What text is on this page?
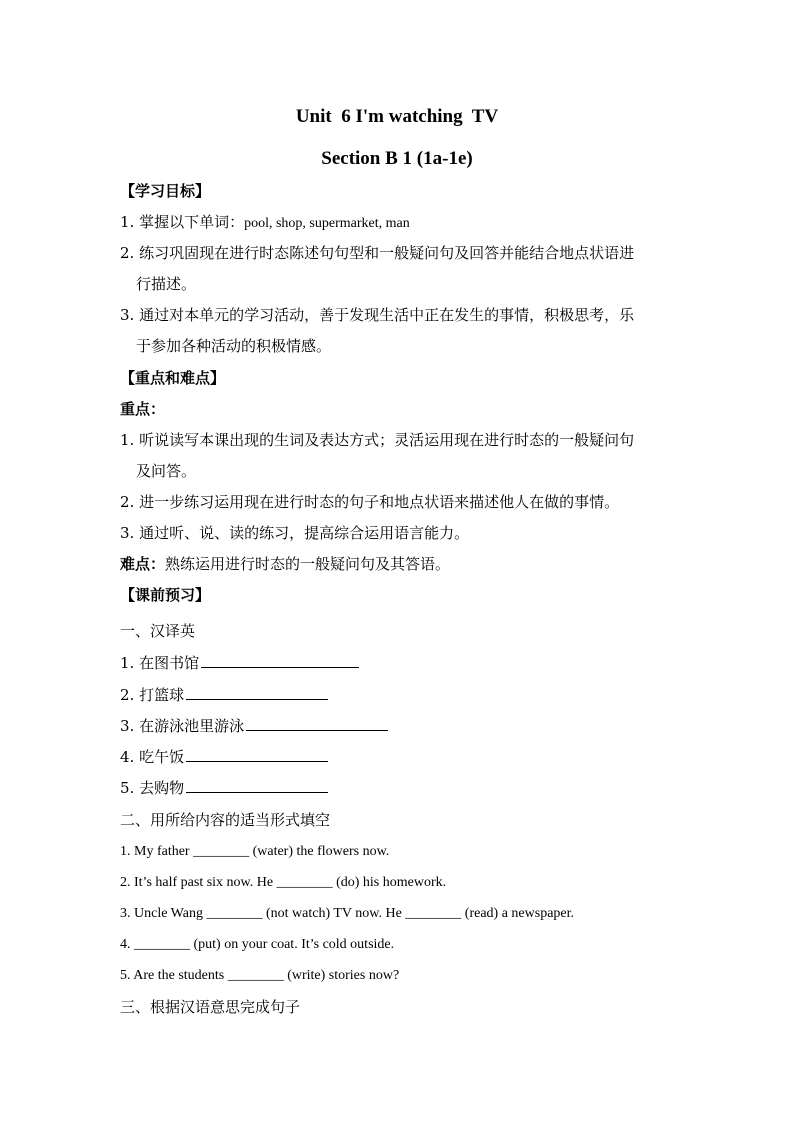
Unit  6 I'm watching  TV
Section B 1 (1a-1e)
【学习目标】
1. 掌握以下单词：pool, shop, supermarket, man
2. 练习巩固现在进行时态陈述句句型和一般疑问句及回答并能结合地点状语进
行描述。
3. 通过对本单元的学习活动，善于发现生活中正在发生的事情，积极思考，乐
于参加各种活动的积极情感。
【重点和难点】
重点：
1. 听说读写本课出现的生词及表达方式；灵活运用现在进行时态的一般疑问句
及问答。
2. 进一步练习运用现在进行时态的句子和地点状语来描述他人在做的事情。
3. 通过听、说、读的练习，提高综合运用语言能力。
难点：熟练运用进行时态的一般疑问句及其答语。
【课前预习】
一、汉译英
1. 在图书馆
2. 打篮球
3. 在游泳池里游泳
4. 吃午饭
5. 去购物
二、用所给内容的适当形式填空
1. My father ________ (water) the flowers now.
2. It’s half past six now. He ________ (do) his homework.
3. Uncle Wang ________ (not watch) TV now. He ________ (read) a newspaper.
4. ________ (put) on your coat. It’s cold outside.
5. Are the students ________ (write) stories now?
三、根据汉语意思完成句子
